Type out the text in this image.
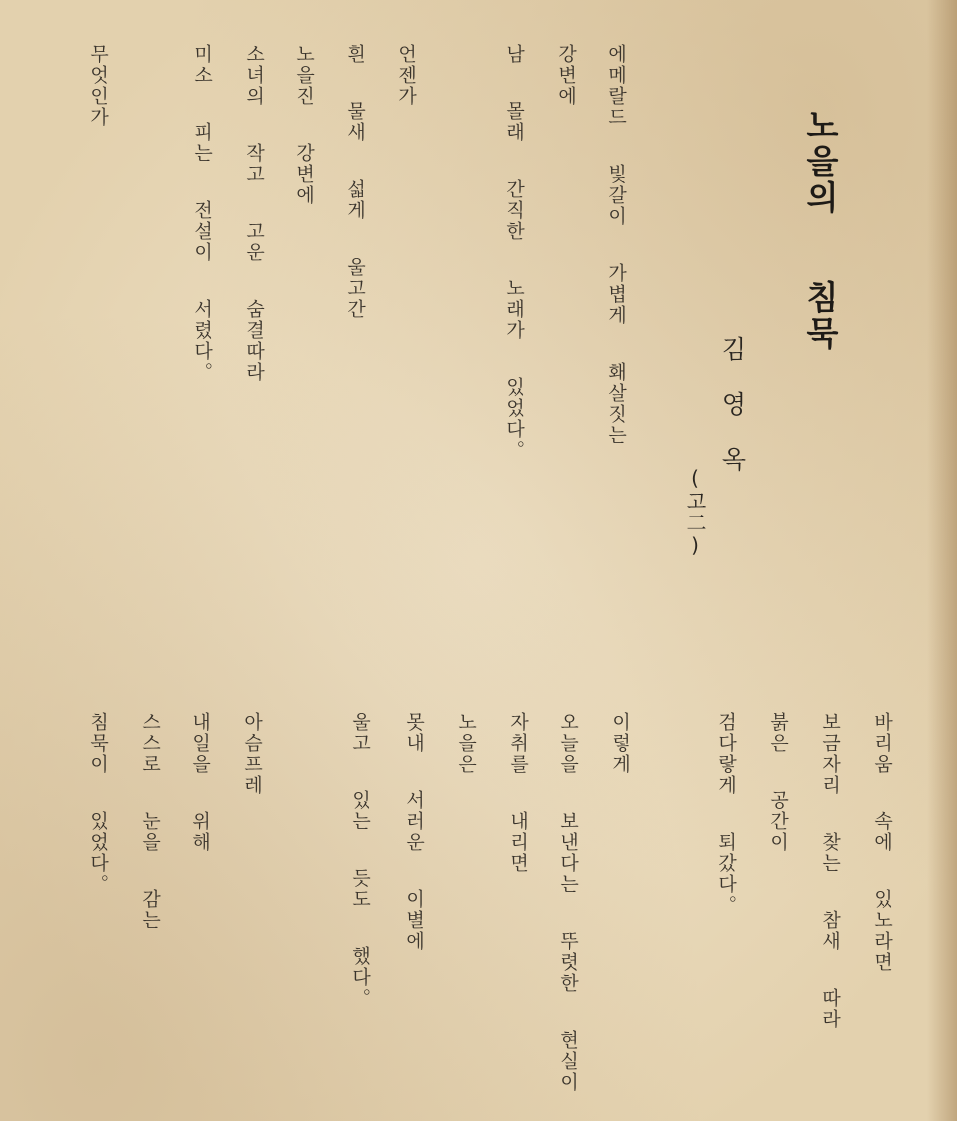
노을의 침묵
김영옥
(고二)
에메랄드 빛갈이 가볍게 홰살짓는
강변에
남 몰래 간직한 노래가 있었다。
언젠가
흰 물새 섧게 울고간
노을진 강변에
소녀의 작고 고운 숨결따라
미소 피는 전설이 서렸다。
무엇인가
바리움 속에 있노라면
보금자리 찾는 참새 따라
붉은 공간이
검다랗게 퇴갔다。
이렇게
오늘을 보낸다는 뚜렷한 현실이
자취를 내리면
노을은
못내 서러운 이별에
울고 있는 듯도 했다。
아슴프레
내일을 위해
스스로 눈을 감는
침묵이 있었다。
